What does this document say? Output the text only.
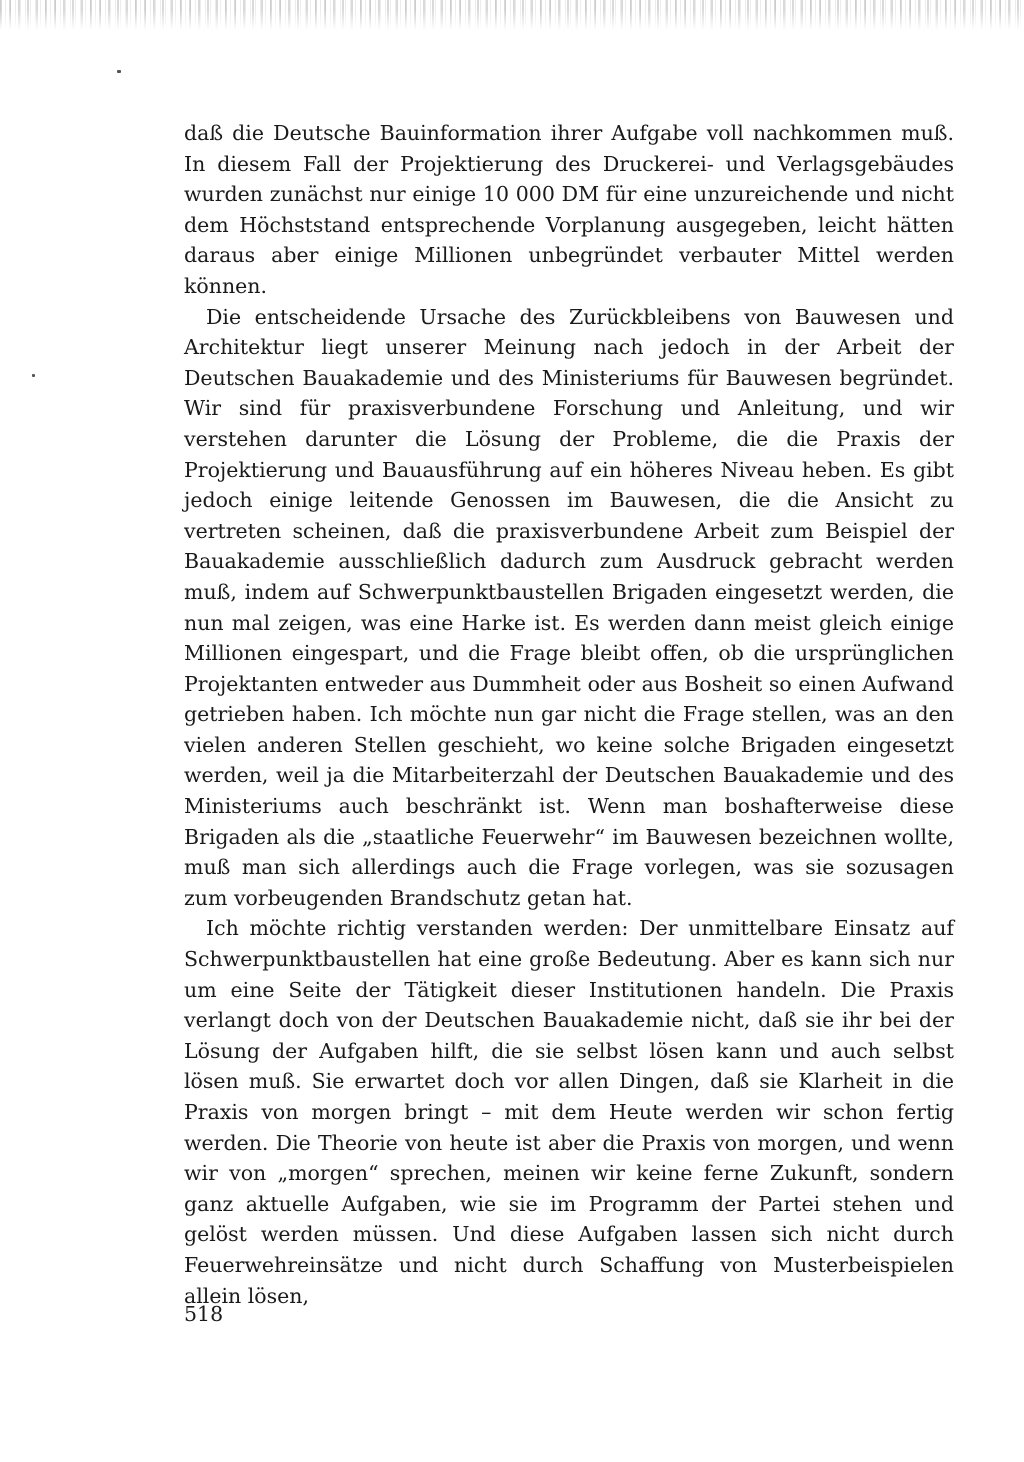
daß die Deutsche Bauinformation ihrer Aufgabe voll nachkommen muß. In diesem Fall der Projektierung des Druckerei- und Verlagsgebäudes wurden zunächst nur einige 10 000 DM für eine unzureichende und nicht dem Höchststand entsprechende Vorplanung ausgegeben, leicht hätten daraus aber einige Millionen unbegründet verbauter Mittel werden können.

Die entscheidende Ursache des Zurückbleibens von Bauwesen und Architektur liegt unserer Meinung nach jedoch in der Arbeit der Deutschen Bauakademie und des Ministeriums für Bauwesen begründet. Wir sind für praxisverbundene Forschung und Anleitung, und wir verstehen darunter die Lösung der Probleme, die die Praxis der Projektierung und Bauausführung auf ein höheres Niveau heben. Es gibt jedoch einige leitende Genossen im Bauwesen, die die Ansicht zu vertreten scheinen, daß die praxisverbundene Arbeit zum Beispiel der Bauakademie ausschließlich dadurch zum Ausdruck gebracht werden muß, indem auf Schwerpunktbaustellen Brigaden eingesetzt werden, die nun mal zeigen, was eine Harke ist. Es werden dann meist gleich einige Millionen eingespart, und die Frage bleibt offen, ob die ursprünglichen Projektanten entweder aus Dummheit oder aus Bosheit so einen Aufwand getrieben haben. Ich möchte nun gar nicht die Frage stellen, was an den vielen anderen Stellen geschieht, wo keine solche Brigaden eingesetzt werden, weil ja die Mitarbeiterzahl der Deutschen Bauakademie und des Ministeriums auch beschränkt ist. Wenn man boshafterweise diese Brigaden als die „staatliche Feuerwehr“ im Bauwesen bezeichnen wollte, muß man sich allerdings auch die Frage vorlegen, was sie sozusagen zum vorbeugenden Brandschutz getan hat.

Ich möchte richtig verstanden werden: Der unmittelbare Einsatz auf Schwerpunktbaustellen hat eine große Bedeutung. Aber es kann sich nur um eine Seite der Tätigkeit dieser Institutionen handeln. Die Praxis verlangt doch von der Deutschen Bauakademie nicht, daß sie ihr bei der Lösung der Aufgaben hilft, die sie selbst lösen kann und auch selbst lösen muß. Sie erwartet doch vor allen Dingen, daß sie Klarheit in die Praxis von morgen bringt – mit dem Heute werden wir schon fertig werden. Die Theorie von heute ist aber die Praxis von morgen, und wenn wir von „morgen“ sprechen, meinen wir keine ferne Zukunft, sondern ganz aktuelle Aufgaben, wie sie im Programm der Partei stehen und gelöst werden müssen. Und diese Aufgaben lassen sich nicht durch Feuerwehreinsätze und nicht durch Schaffung von Musterbeispielen allein lösen,

518
